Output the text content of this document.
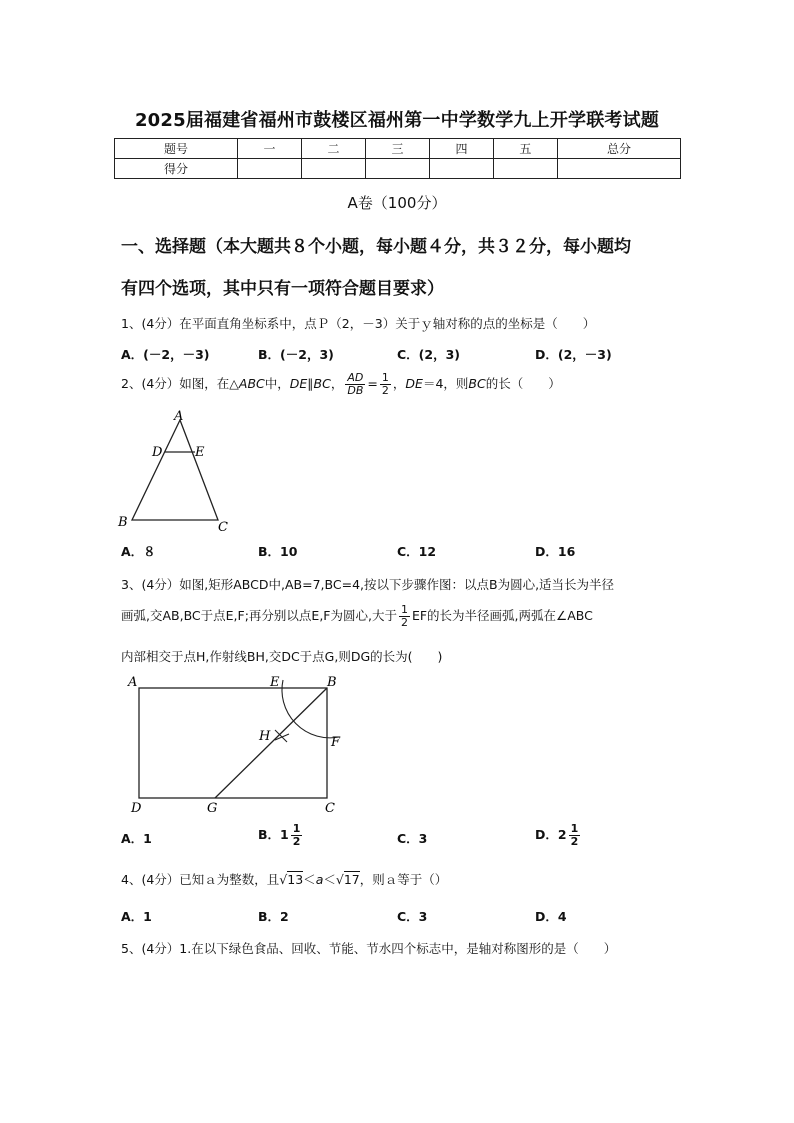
2025届福建省福州市鼓楼区福州第一中学数学九上开学联考试题
题号	一	二	三	四	五	总分
得分						
A卷（100分）
一、选择题（本大题共８个小题，每小题４分，共３２分，每小题均
有四个选项，其中只有一项符合题目要求）
1、(4分）在平面直角坐标系中，点Ｐ（2，－3）关于ｙ轴对称的点的坐标是（　　）
A．(－2，－3)	B．(－2，3)	C．(2，3)	D．(2，－3)
2、(4分）如图，在△ABC中，DE∥BC， $\frac{AD}{DB} = \frac{1}{2}$ ，DE＝4，则BC的长（　　）
A
D	E
B	C
A．８	B．10	C．12	D．16
3、(4分）如图,矩形ABCD中,AB=7,BC=4,按以下步骤作图：以点B为圆心,适当长为半径
画弧,交AB,BC于点E,F;再分别以点E,F为圆心,大于 $\frac{1}{2}$ EF的长为半径画弧,两弧在∠ABC
内部相交于点H,作射线BH,交DC于点G,则DG的长为(　　)
A	E	B
H	F
D	G	C
A．1	B．$1 \frac{1}{2}$	C．3	D．$2 \frac{1}{2}$
4、(4分）已知ａ为整数，且√13＜a＜√17，则ａ等于（）
A．1	B．2	C．3	D．4
5、(4分）1.在以下绿色食品、回收、节能、节水四个标志中，是轴对称图形的是（　　）
